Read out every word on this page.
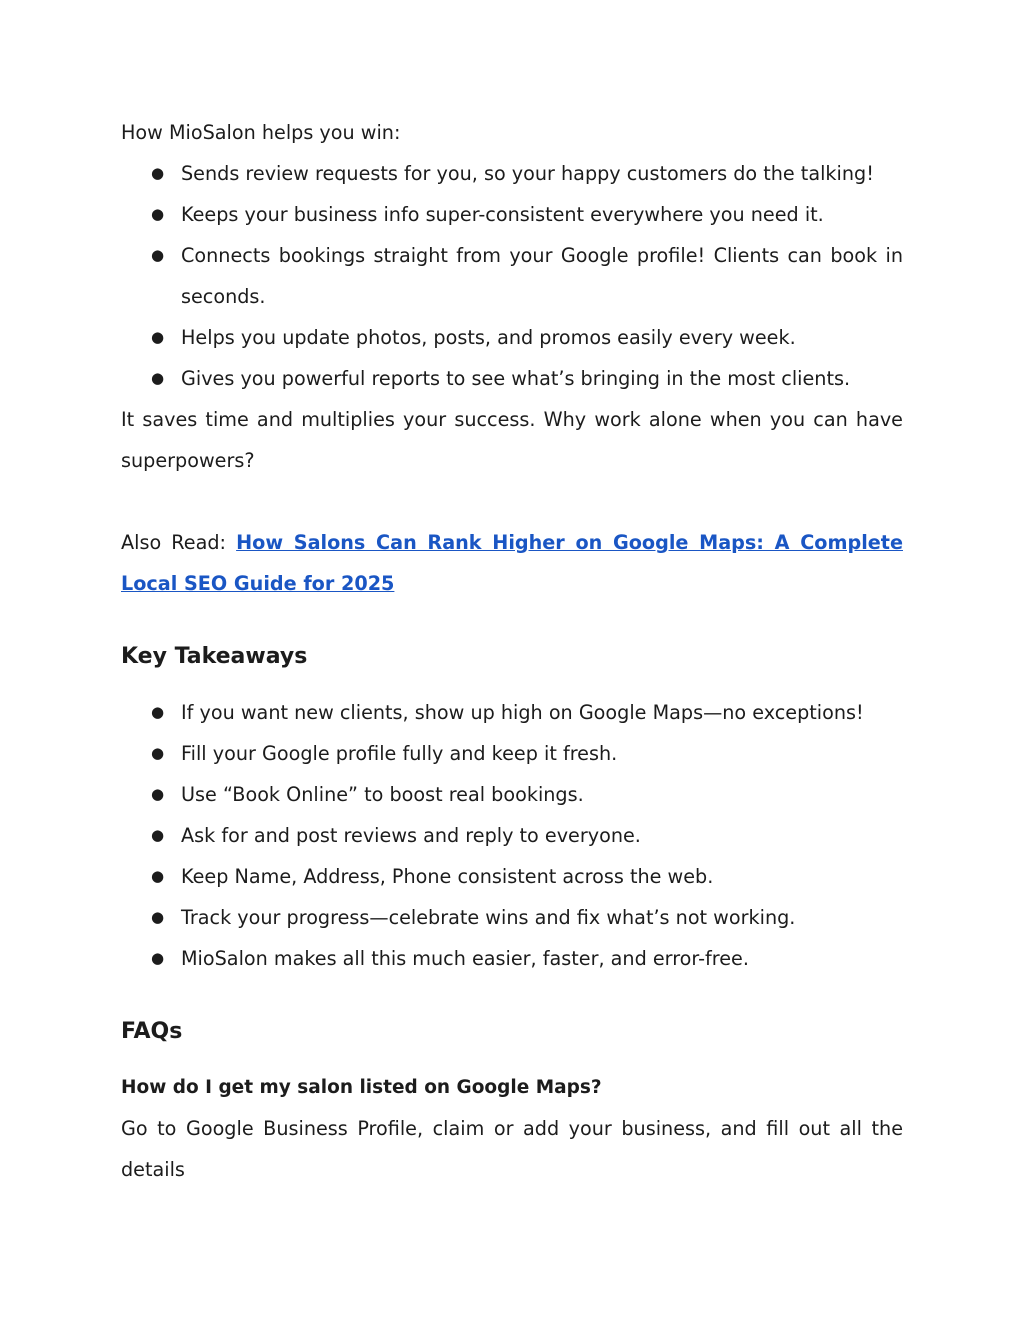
How MioSalon helps you win:

● Sends review requests for you, so your happy customers do the talking!
● Keeps your business info super-consistent everywhere you need it.
● Connects bookings straight from your Google profile! Clients can book in seconds.
● Helps you update photos, posts, and promos easily every week.
● Gives you powerful reports to see what’s bringing in the most clients.

It saves time and multiplies your success. Why work alone when you can have superpowers?

Also Read: How Salons Can Rank Higher on Google Maps: A Complete Local SEO Guide for 2025

Key Takeaways
● If you want new clients, show up high on Google Maps—no exceptions!
● Fill your Google profile fully and keep it fresh.
● Use “Book Online” to boost real bookings.
● Ask for and post reviews and reply to everyone.
● Keep Name, Address, Phone consistent across the web.
● Track your progress—celebrate wins and fix what’s not working.
● MioSalon makes all this much easier, faster, and error-free.
FAQs
How do I get my salon listed on Google Maps?

Go to Google Business Profile, claim or add your business, and fill out all the details
